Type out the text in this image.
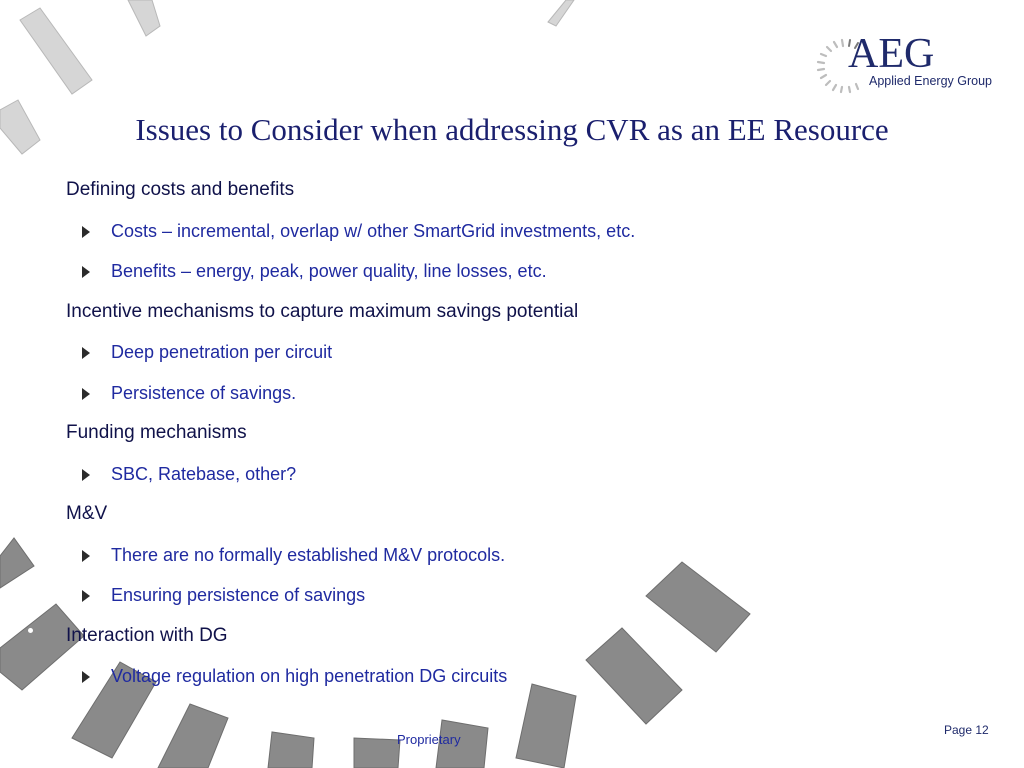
AEG
Applied Energy Group
Issues to Consider when addressing CVR as an EE Resource
Defining costs and benefits
Costs – incremental, overlap w/ other SmartGrid investments, etc.
Benefits – energy, peak, power quality, line losses, etc.
Incentive mechanisms to capture maximum savings potential
Deep penetration per circuit
Persistence of savings.
Funding mechanisms
SBC, Ratebase, other?
M&V
There are no formally established M&V protocols.
Ensuring persistence of savings
Interaction with DG
Voltage regulation on high penetration DG circuits
Proprietary
Page 12
